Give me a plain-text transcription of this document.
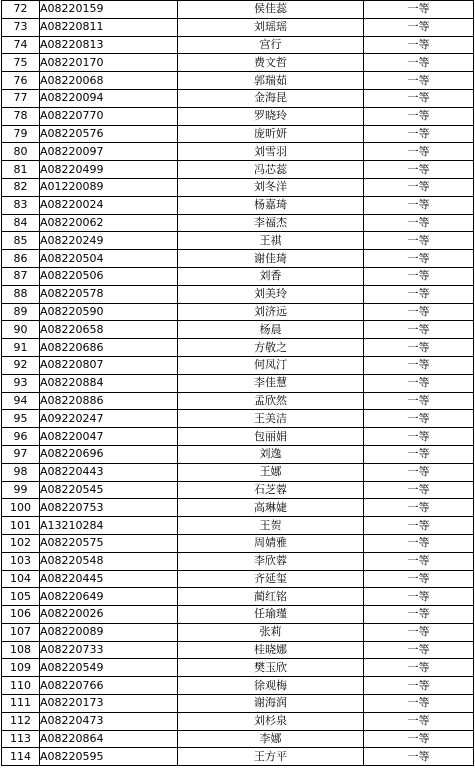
72	A08220159	侯佳蕊	一等
73	A08220811	刘瑶瑶	一等
74	A08220813	宫行	一等
75	A08220170	费文哲	一等
76	A08220068	郭瑞茹	一等
77	A08220094	金海昆	一等
78	A08220770	罗晓玲	一等
79	A08220576	庞昕妍	一等
80	A08220097	刘雪羽	一等
81	A08220499	冯芯蕊	一等
82	A01220089	刘冬洋	一等
83	A08220024	杨嘉琦	一等
84	A08220062	李福杰	一等
85	A08220249	王祺	一等
86	A08220504	谢佳琦	一等
87	A08220506	刘香	一等
88	A08220578	刘美玲	一等
89	A08220590	刘济远	一等
90	A08220658	杨晨	一等
91	A08220686	方敬之	一等
92	A08220807	何凤汀	一等
93	A08220884	李佳慧	一等
94	A08220886	孟欣然	一等
95	A09220247	王美洁	一等
96	A08220047	包丽娟	一等
97	A08220696	刘逸	一等
98	A08220443	王娜	一等
99	A08220545	石芝蓉	一等
100	A08220753	高琳婕	一等
101	A13210284	王贺	一等
102	A08220575	周婧雅	一等
103	A08220548	李欣蓉	一等
104	A08220445	齐延玺	一等
105	A08220649	蔺红铭	一等
106	A08220026	任瑜瑾	一等
107	A08220089	张莉	一等
108	A08220733	桂晓娜	一等
109	A08220549	樊玉欣	一等
110	A08220766	徐观梅	一等
111	A08220173	谢海润	一等
112	A08220473	刘杉泉	一等
113	A08220864	李娜	一等
114	A08220595	王方平	一等
